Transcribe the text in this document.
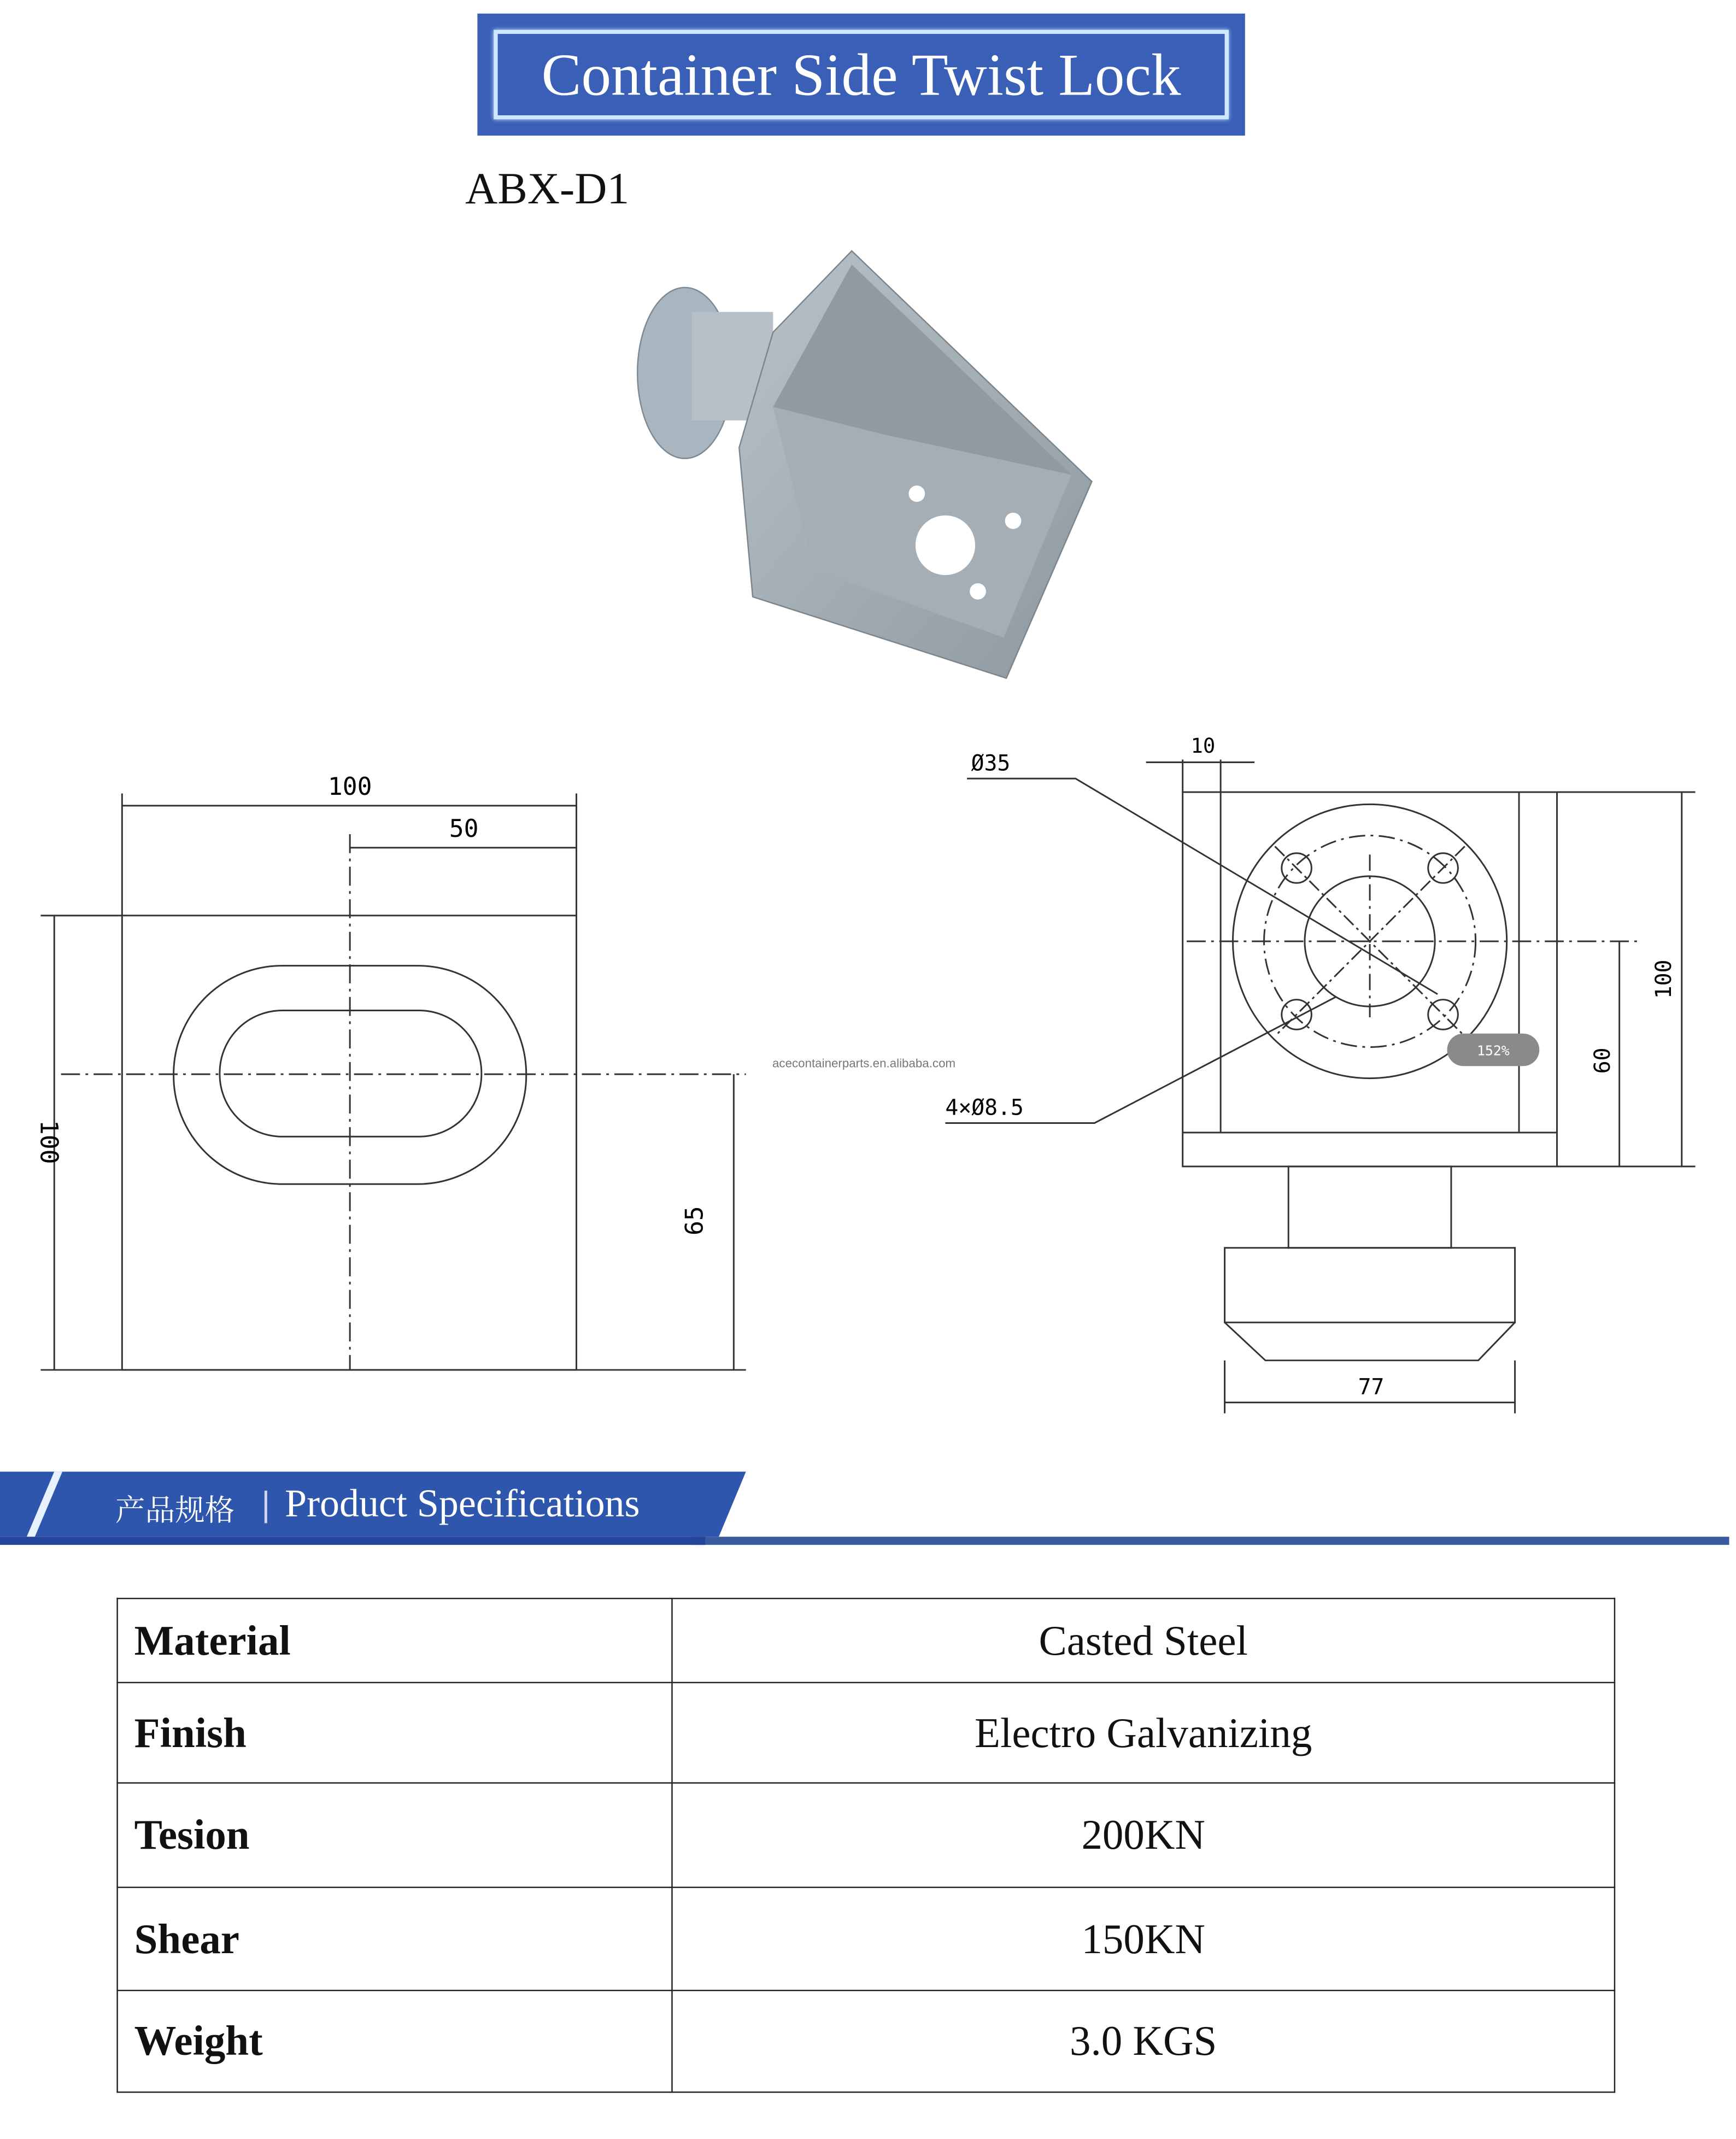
Container Side Twist Lock
ABX-D1
100
50
100
65
acecontainerparts.en.alibaba.com
10
Ø35
4×Ø8.5
100
60
77
152%
产品规格	Product Specifications
Material	Casted Steel
Finish	Electro Galvanizing
Tesion	200KN
Shear	150KN
Weight	3.0 KGS
